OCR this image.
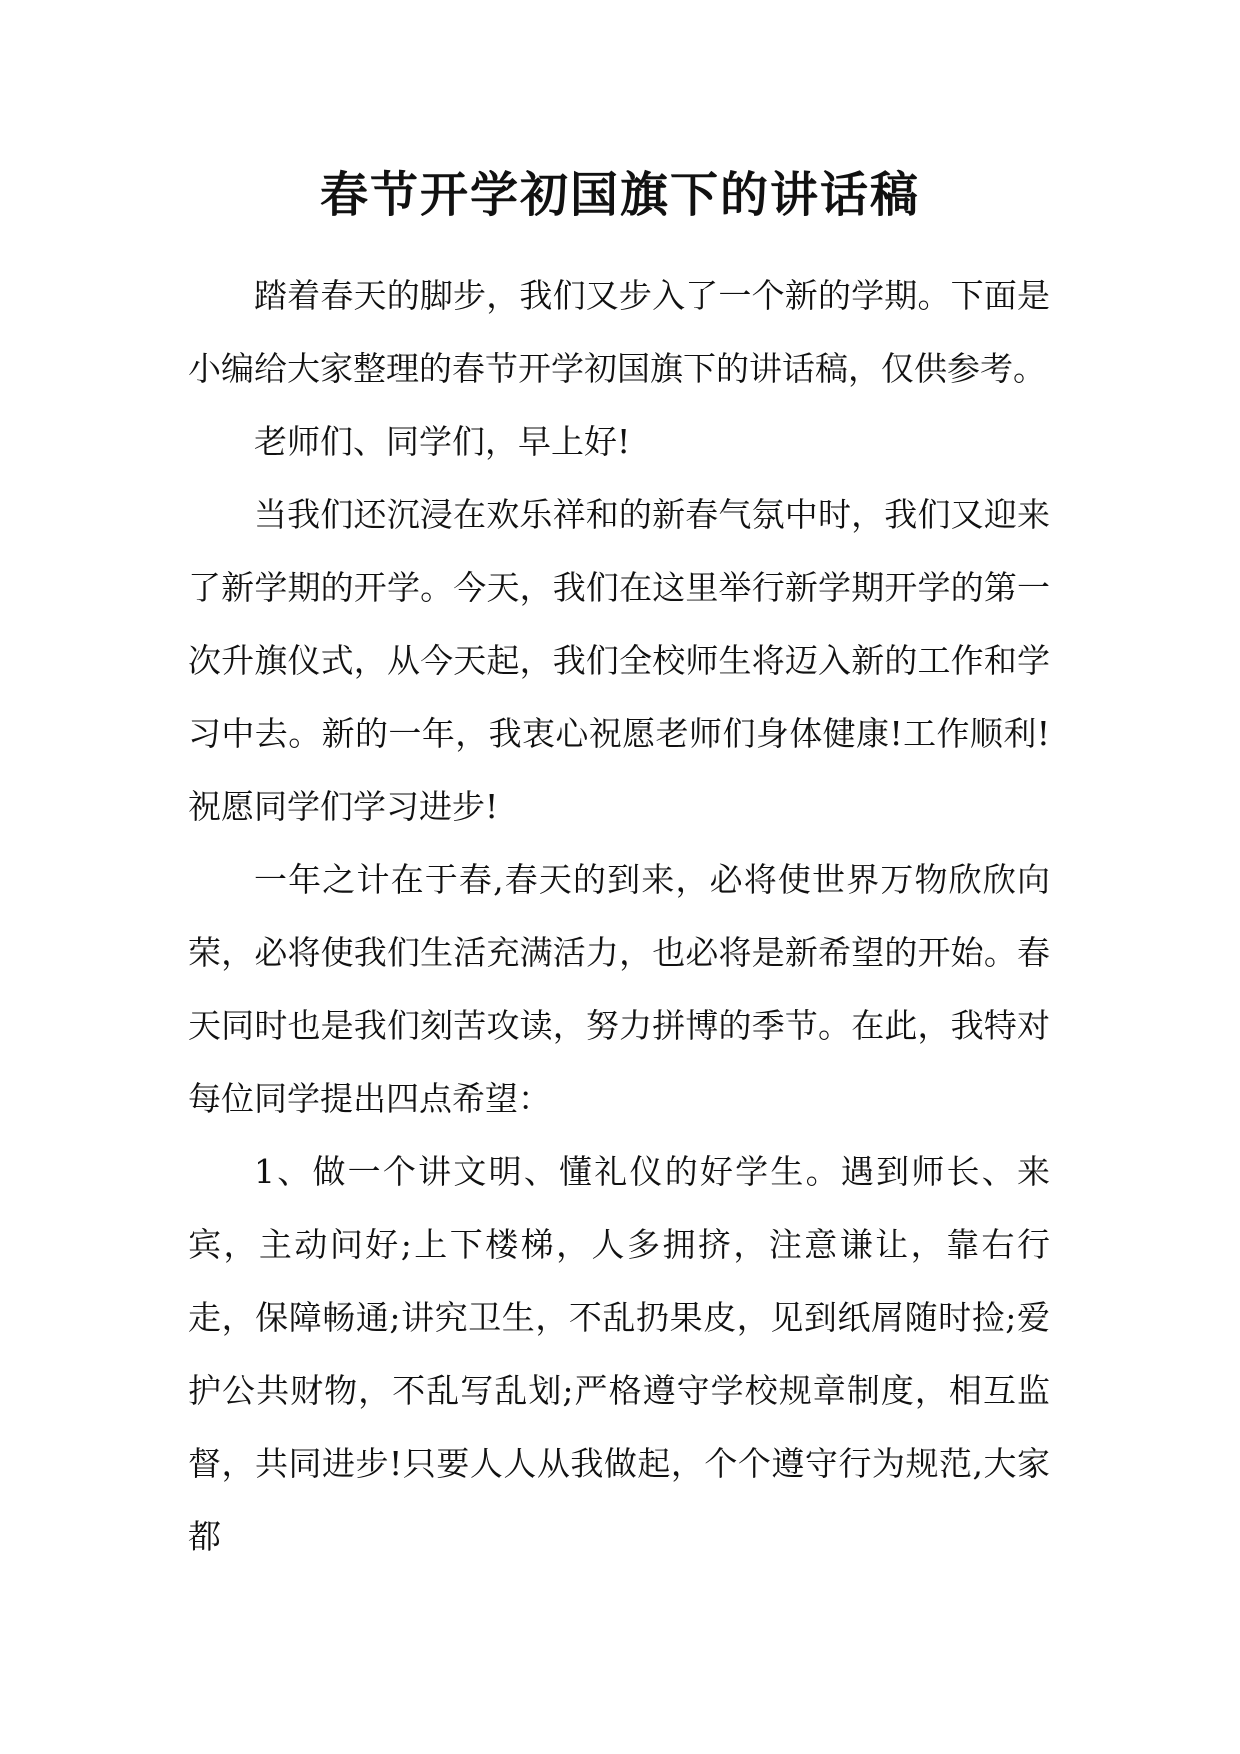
春节开学初国旗下的讲话稿

踏着春天的脚步，我们又步入了一个新的学期。下面是小编给大家整理的春节开学初国旗下的讲话稿，仅供参考。

老师们、同学们，早上好!

当我们还沉浸在欢乐祥和的新春气氛中时，我们又迎来了新学期的开学。今天，我们在这里举行新学期开学的第一次升旗仪式，从今天起，我们全校师生将迈入新的工作和学习中去。新的一年，我衷心祝愿老师们身体健康!工作顺利!祝愿同学们学习进步!

一年之计在于春,春天的到来，必将使世界万物欣欣向荣，必将使我们生活充满活力，也必将是新希望的开始。春天同时也是我们刻苦攻读，努力拼博的季节。在此，我特对每位同学提出四点希望：

1、做一个讲文明、懂礼仪的好学生。遇到师长、来宾，主动问好;上下楼梯，人多拥挤，注意谦让，靠右行走，保障畅通;讲究卫生，不乱扔果皮，见到纸屑随时捡;爱护公共财物，不乱写乱划;严格遵守学校规章制度，相互监督，共同进步!只要人人从我做起，个个遵守行为规范,大家都
